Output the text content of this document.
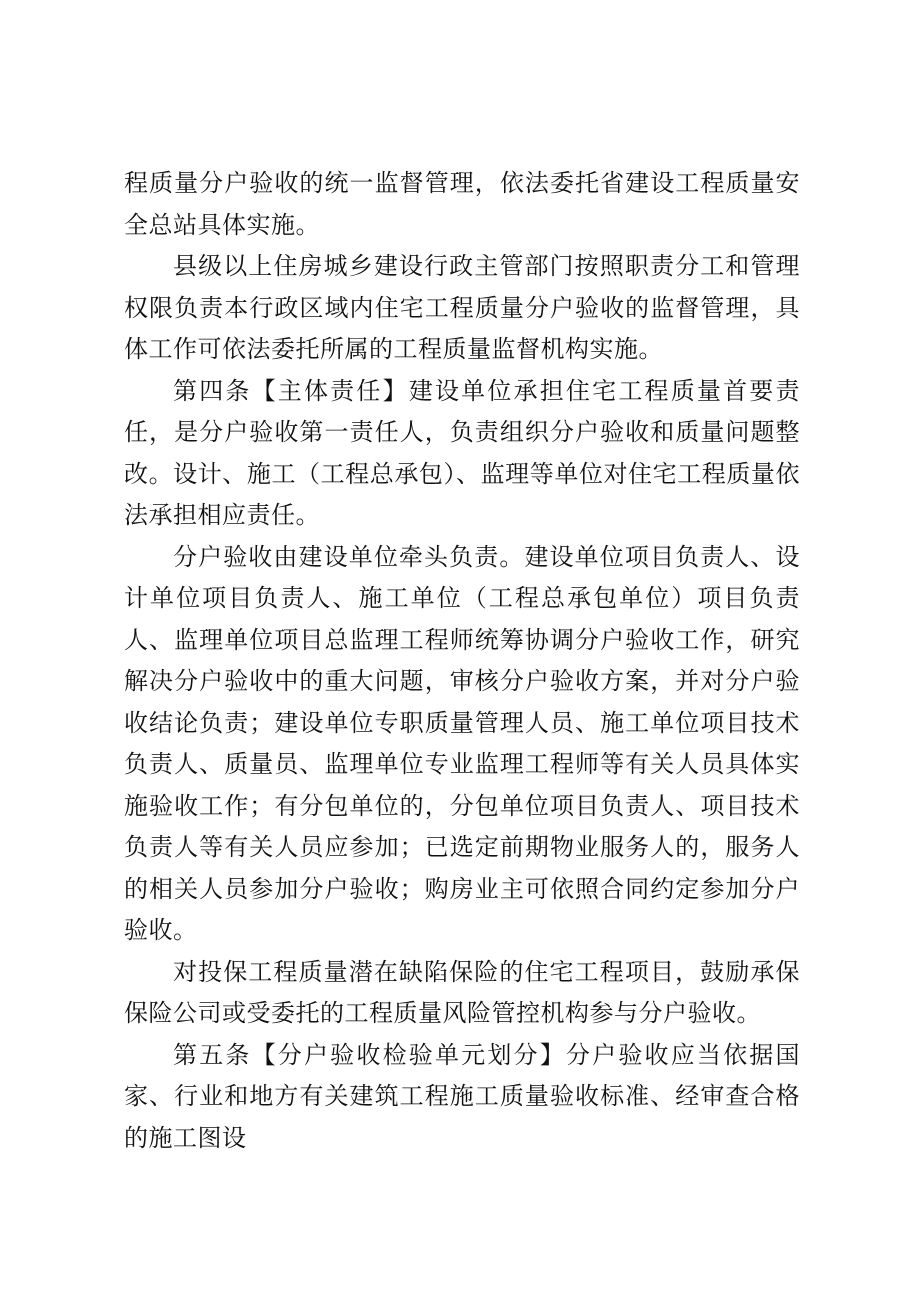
程质量分户验收的统一监督管理，依法委托省建设工程质量安全总站具体实施。

县级以上住房城乡建设行政主管部门按照职责分工和管理权限负责本行政区域内住宅工程质量分户验收的监督管理，具体工作可依法委托所属的工程质量监督机构实施。

第四条【主体责任】建设单位承担住宅工程质量首要责任，是分户验收第一责任人，负责组织分户验收和质量问题整改。设计、施工（工程总承包）、监理等单位对住宅工程质量依法承担相应责任。

分户验收由建设单位牵头负责。建设单位项目负责人、设计单位项目负责人、施工单位（工程总承包单位）项目负责人、监理单位项目总监理工程师统筹协调分户验收工作，研究解决分户验收中的重大问题，审核分户验收方案，并对分户验收结论负责；建设单位专职质量管理人员、施工单位项目技术负责人、质量员、监理单位专业监理工程师等有关人员具体实施验收工作；有分包单位的，分包单位项目负责人、项目技术负责人等有关人员应参加；已选定前期物业服务人的，服务人的相关人员参加分户验收；购房业主可依照合同约定参加分户验收。

对投保工程质量潜在缺陷保险的住宅工程项目，鼓励承保保险公司或受委托的工程质量风险管控机构参与分户验收。

第五条【分户验收检验单元划分】分户验收应当依据国家、行业和地方有关建筑工程施工质量验收标准、经审查合格的施工图设
